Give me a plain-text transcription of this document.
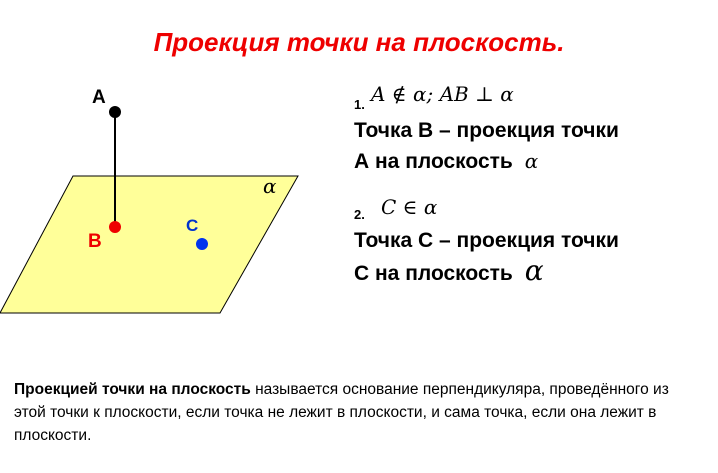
Проекция точки на плоскость.
A
B
C
α
1. A ∉ α; AB ⊥ α
Точка В – проекция точки
А на плоскость α
2. C ∈ α
Точка С – проекция точки
С на плоскость α
Проекцией точки на плоскость называется основание перпендикуляра, проведённого из этой точки к плоскости, если точка не лежит в плоскости, и сама точка, если она лежит в плоскости.
